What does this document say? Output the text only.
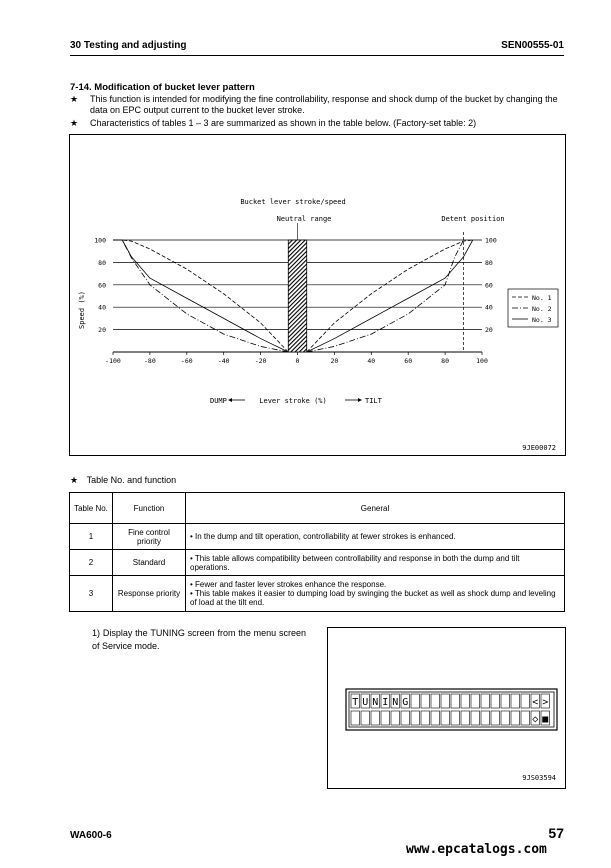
30 Testing and adjusting	SEN00555-01
7-14. Modification of bucket lever pattern
★ This function is intended for modifying the fine controllability, response and shock dump of the bucket by changing the data on EPC output current to the bucket lever stroke.
★ Characteristics of tables 1 – 3 are summarized as shown in the table below. (Factory-set table: 2)
-100	-80	-60	-40	-20	0	20	40	60	80	100
20	20
40	40
60	60
80	80
100	100
Bucket lever stroke/speed
Neutral range	Detent position
Speed (%)
Lever stroke (%)
DUMP	TILT
No. 1
No. 2
No. 3
9JE00072
★ Table No. and function
Table No.	Function	General
1	Fine control priority	• In the dump and tilt operation, controllability at fewer strokes is enhanced.
2	Standard	• This table allows compatibility between controllability and response in both the dump and tilt operations.
3	Response priority	• Fewer and faster lever strokes enhance the response.
• This table makes it easier to dumping load by swinging the bucket as well as shock dump and leveling of load at the tilt end.
1) Display the TUNING screen from the menu screen of Service mode.
T U N I N G	< >
◇ ■
9JS03594
WA600-6	57
www.epcatalogs.com
